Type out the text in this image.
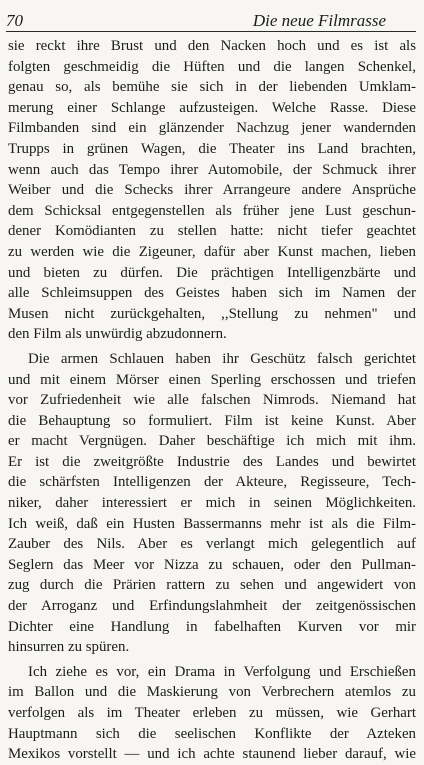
70	Die neue Filmrasse

sie reckt ihre Brust und den Nacken hoch und es ist als
folgten geschmeidig die Hüften und die langen Schenkel,
genau so, als bemühe sie sich in der liebenden Umklam-
merung einer Schlange aufzusteigen. Welche Rasse. Diese
Filmbanden sind ein glänzender Nachzug jener wandernden
Trupps in grünen Wagen, die Theater ins Land brachten,
wenn auch das Tempo ihrer Automobile, der Schmuck ihrer
Weiber und die Schecks ihrer Arrangeure andere Ansprüche
dem Schicksal entgegenstellen als früher jene Lust geschun-
dener Komödianten zu stellen hatte: nicht tiefer geachtet
zu werden wie die Zigeuner, dafür aber Kunst machen, lieben
und bieten zu dürfen. Die prächtigen Intelligenzbärte und
alle Schleimsuppen des Geistes haben sich im Namen der
Musen nicht zurückgehalten, ,,Stellung zu nehmen" und
den Film als unwürdig abzudonnern.

Die armen Schlauen haben ihr Geschütz falsch gerichtet
und mit einem Mörser einen Sperling erschossen und triefen
vor Zufriedenheit wie alle falschen Nimrods. Niemand hat
die Behauptung so formuliert. Film ist keine Kunst. Aber
er macht Vergnügen. Daher beschäftige ich mich mit ihm.
Er ist die zweitgrößte Industrie des Landes und bewirtet
die schärfsten Intelligenzen der Akteure, Regisseure, Tech-
niker, daher interessiert er mich in seinen Möglichkeiten.
Ich weiß, daß ein Husten Bassermanns mehr ist als die Film-
Zauber des Nils. Aber es verlangt mich gelegentlich auf
Seglern das Meer vor Nizza zu schauen, oder den Pullman-
zug durch die Prärien rattern zu sehen und angewidert von
der Arroganz und Erfindungslahmheit der zeitgenössischen
Dichter eine Handlung in fabelhaften Kurven vor mir
hinsurren zu spüren.

Ich ziehe es vor, ein Drama in Verfolgung und Erschießen
im Ballon und die Maskierung von Verbrechern atemlos zu
verfolgen als im Theater erleben zu müssen, wie Gerhart
Hauptmann sich die seelischen Konflikte der Azteken
Mexikos vorstellt — und ich achte staunend lieber darauf, wie
